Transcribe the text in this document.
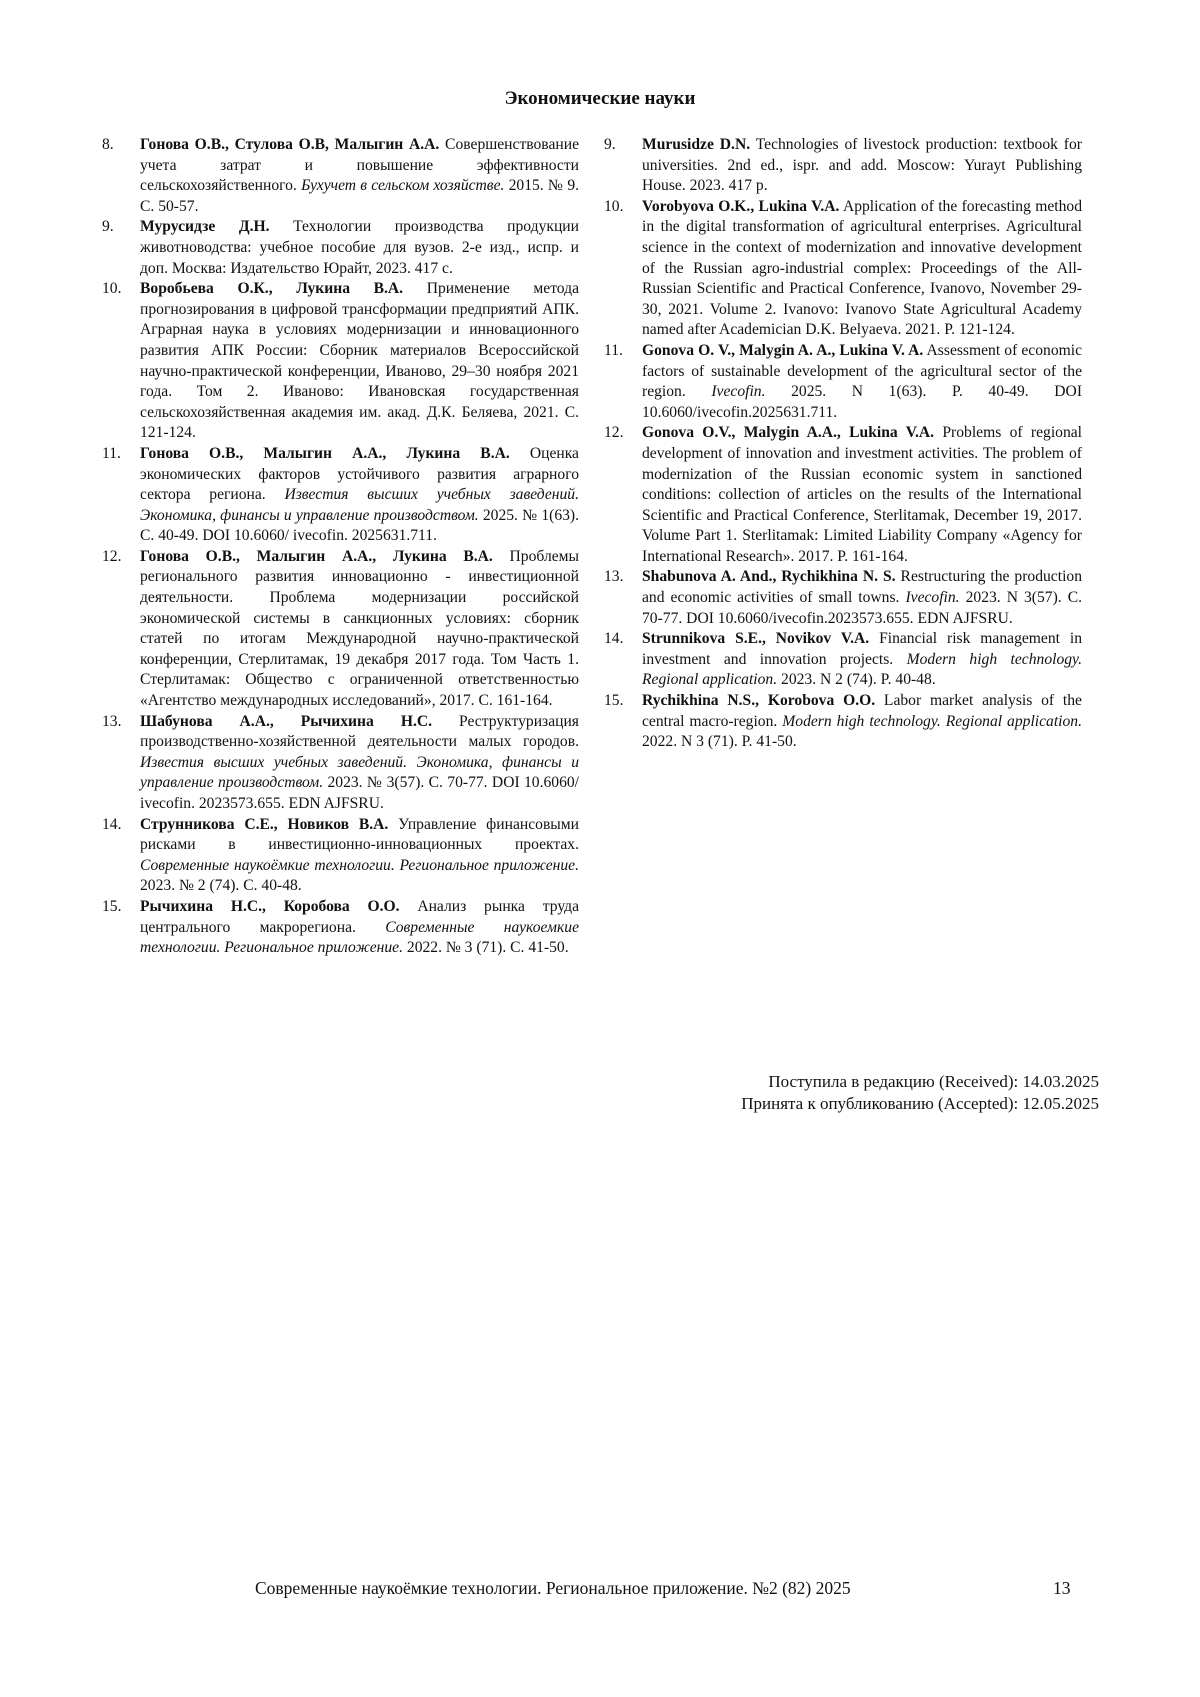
Экономические науки
8. Гонова О.В., Стулова О.В, Малыгин А.А. Совершенствование учета затрат и повышение эффективности сельскохозяйственного. Бухучет в сельском хозяйстве. 2015. № 9. С. 50-57.
9. Мурусидзе Д.Н. Технологии производства продукции животноводства: учебное пособие для вузов. 2-е изд., испр. и доп. Москва: Издательство Юрайт, 2023. 417 с.
10. Воробьева О.К., Лукина В.А. Применение метода прогнозирования в цифровой трансформации предприятий АПК. Аграрная наука в условиях модернизации и инновационного развития АПК России: Сборник материалов Всероссийской научно-практической конференции, Иваново, 29–30 ноября 2021 года. Том 2. Иваново: Ивановская государственная сельскохозяйственная академия им. акад. Д.К. Беляева, 2021. С. 121-124.
11. Гонова О.В., Малыгин А.А., Лукина В.А. Оценка экономических факторов устойчивого развития аграрного сектора региона. Известия высших учебных заведений. Экономика, финансы и управление производством. 2025. № 1(63). С. 40-49. DOI 10.6060/ ivecofin. 2025631.711.
12. Гонова О.В., Малыгин А.А., Лукина В.А. Проблемы регионального развития инновационно - инвестиционной деятельности. Проблема модернизации российской экономической системы в санкционных условиях: сборник статей по итогам Международной научно-практической конференции, Стерлитамак, 19 декабря 2017 года. Том Часть 1. Стерлитамак: Общество с ограниченной ответственностью «Агентство международных исследований», 2017. С. 161-164.
13. Шабунова А.А., Рычихина Н.С. Реструктуризация производственно-хозяйственной деятельности малых городов. Известия высших учебных заведений. Экономика, финансы и управление производством. 2023. № 3(57). С. 70-77. DOI 10.6060/ ivecofin. 2023573.655. EDN AJFSRU.
14. Струнникова С.Е., Новиков В.А. Управление финансовыми рисками в инвестиционно-инновационных проектах. Современные наукоёмкие технологии. Региональное приложение. 2023. № 2 (74). С. 40-48.
15. Рычихина Н.С., Коробова О.О. Анализ рынка труда центрального макрорегиона. Современные наукоемкие технологии. Региональное приложение. 2022. № 3 (71). С. 41-50.
9. Murusidze D.N. Technologies of livestock production: textbook for universities. 2nd ed., ispr. and add. Moscow: Yurayt Publishing House. 2023. 417 p.
10. Vorobyova O.K., Lukina V.A. Application of the forecasting method in the digital transformation of agricultural enterprises. Agricultural science in the context of modernization and innovative development of the Russian agro-industrial complex: Proceedings of the All-Russian Scientific and Practical Conference, Ivanovo, November 29-30, 2021. Volume 2. Ivanovo: Ivanovo State Agricultural Academy named after Academician D.K. Belyaeva. 2021. P. 121-124.
11. Gonova O. V., Malygin A. A., Lukina V. A. Assessment of economic factors of sustainable development of the agricultural sector of the region. Ivecofin. 2025. N 1(63). P. 40-49. DOI 10.6060/ivecofin.2025631.711.
12. Gonova O.V., Malygin A.A., Lukina V.A. Problems of regional development of innovation and investment activities. The problem of modernization of the Russian economic system in sanctioned conditions: collection of articles on the results of the International Scientific and Practical Conference, Sterlitamak, December 19, 2017. Volume Part 1. Sterlitamak: Limited Liability Company «Agency for International Research». 2017. P. 161-164.
13. Shabunova A. And., Rychikhina N. S. Restructuring the production and economic activities of small towns. Ivecofin. 2023. N 3(57). C. 70-77. DOI 10.6060/ivecofin.2023573.655. EDN AJFSRU.
14. Strunnikova S.E., Novikov V.A. Financial risk management in investment and innovation projects. Modern high technology. Regional application. 2023. N 2 (74). P. 40-48.
15. Rychikhina N.S., Korobova O.O. Labor market analysis of the central macro-region. Modern high technology. Regional application. 2022. N 3 (71). P. 41-50.
Поступила в редакцию (Received): 14.03.2025
Принята к опубликованию (Accepted): 12.05.2025
Современные наукоёмкие технологии. Региональное приложение. №2 (82) 2025	13
